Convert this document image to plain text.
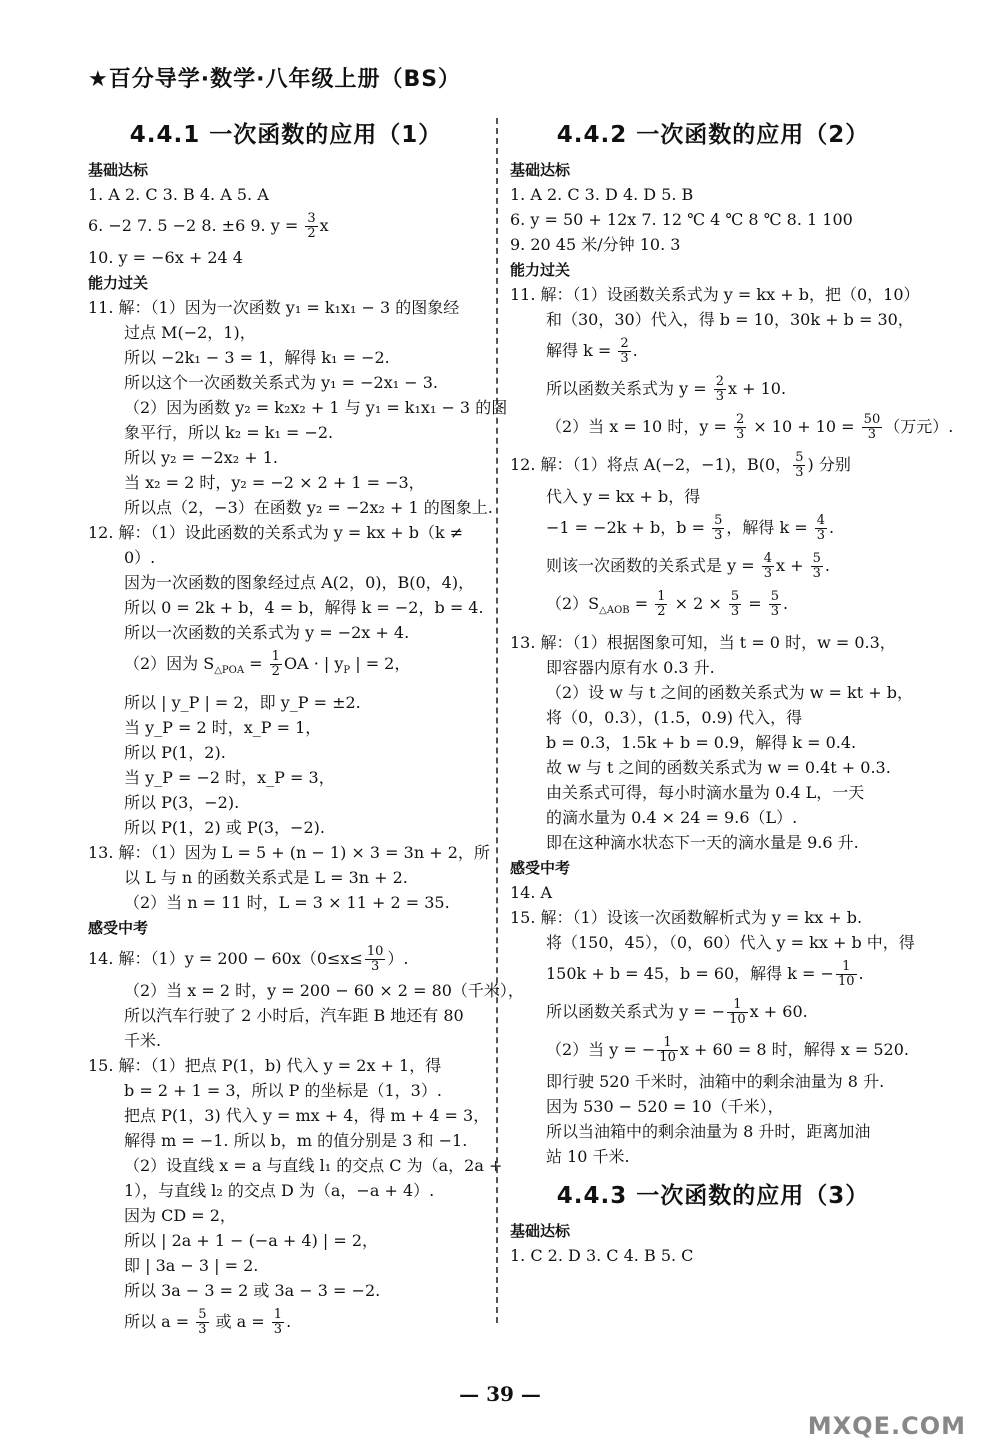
★百分导学·数学·八年级上册（BS）
4.4.1 一次函数的应用（1）
基础达标
1. A 2. C 3. B 4. A 5. A
6. −2 7. 5 −2 8. ±6 9. $y = \frac{3}{2}$ x
10. y = −6x + 24 4
能力过关
11. 解：（1）因为一次函数 y₁ = k₁x₁ − 3 的图象经
过点 M(−2，1)，
所以 −2k₁ − 3 = 1，解得 k₁ = −2.
所以这个一次函数关系式为 y₁ = −2x₁ − 3.
（2）因为函数 y₂ = k₂x₂ + 1 与 y₁ = k₁x₁ − 3 的图
象平行，所以 k₂ = k₁ = −2.
所以 y₂ = −2x₂ + 1.
当 x₂ = 2 时，y₂ = −2 × 2 + 1 = −3，
所以点（2，−3）在函数 y₂ = −2x₂ + 1 的图象上.
12. 解：（1）设此函数的关系式为 y = kx + b（k ≠
0）.
因为一次函数的图象经过点 A(2，0)，B(0，4)，
所以 0 = 2k + b，4 = b，解得 k = −2，b = 4.
所以一次函数的关系式为 y = −2x + 4.
（2）因为 $S_{\triangle POA} = \frac{1}{2}$ OA · | $y_P$ | = 2，
所以 | y_P | = 2，即 y_P = ±2.
当 y_P = 2 时，x_P = 1，
所以 P(1，2).
当 y_P = −2 时，x_P = 3，
所以 P(3，−2).
所以 P(1，2) 或 P(3，−2).
13. 解：（1）因为 L = 5 + (n − 1) × 3 = 3n + 2，所
以 L 与 n 的函数关系式是 L = 3n + 2.
（2）当 n = 11 时，L = 3 × 11 + 2 = 35.
感受中考
14. 解：$(1)y = 200 - 60x(0\le x\le \frac{10}{3}$ ）.
（2）当 x = 2 时，y = 200 − 60 × 2 = 80（千米），
所以汽车行驶了 2 小时后，汽车距 B 地还有 80
千米.
15. 解：（1）把点 P(1，b) 代入 y = 2x + 1，得
b = 2 + 1 = 3，所以 P 的坐标是（1，3）.
把点 P(1，3) 代入 y = mx + 4，得 m + 4 = 3，
解得 m = −1. 所以 b，m 的值分别是 3 和 −1.
（2）设直线 x = a 与直线 l₁ 的交点 C 为（a，2a +
1），与直线 l₂ 的交点 D 为（a，−a + 4）.
因为 CD = 2，
所以 | 2a + 1 − (−a + 4) | = 2，
即 | 3a − 3 | = 2.
所以 3a − 3 = 2 或 3a − 3 = −2.
所以 $a = \frac{5}{3}$ 或 $a = \frac{1}{3}$ .
4.4.2 一次函数的应用（2）
基础达标
1. A 2. C 3. D 4. D 5. B
6. y = 50 + 12x 7. 12 ℃ 4 ℃ 8 ℃ 8. 1 100
9. 20 45 米/分钟 10. 3
能力过关
11. 解：（1）设函数关系式为 y = kx + b，把（0，10）
和（30，30）代入，得 b = 10，30k + b = 30，
解得 $k = \frac{2}{3}$ .
所以函数关系式为 $y = \frac{2}{3}$ x + 10.
（2）当 x = 10 时，$y = \frac{2}{3} \times 10 + 10 = \frac{50}{3}$ （万元）.
12. 解：（1）将点 A(−2，−1)，B(0， $\frac{5}{3}$ ) 分别
代入 y = kx + b，得
−1 = −2k + b，$b = \frac{5}{3}$ ，解得 $k = \frac{4}{3}$ .
则该一次函数的关系式是 $y = \frac{4}{3}$ $x + \frac{5}{3}$ .
$(2)S_{\triangle AOB} = \frac{1}{2} \times 2 \times \frac{5}{3} = \frac{5}{3}$ .
13. 解：（1）根据图象可知，当 t = 0 时，w = 0.3，
即容器内原有水 0.3 升.
（2）设 w 与 t 之间的函数关系式为 w = kt + b，
将（0，0.3），(1.5，0.9) 代入，得
b = 0.3，1.5k + b = 0.9，解得 k = 0.4.
故 w 与 t 之间的函数关系式为 w = 0.4t + 0.3.
由关系式可得，每小时滴水量为 0.4 L，一天
的滴水量为 0.4 × 24 = 9.6（L）.
即在这种滴水状态下一天的滴水量是 9.6 升.
感受中考
14. A
15. 解：（1）设该一次函数解析式为 y = kx + b.
将（150，45），（0，60）代入 y = kx + b 中，得
150k + b = 45，b = 60，解得 k = − $\frac{1}{10}$ .
所以函数关系式为 y = − $\frac{1}{10}$ x + 60.
（2）当 y = − $\frac{1}{10}$ x + 60 = 8 时，解得 x = 520.
即行驶 520 千米时，油箱中的剩余油量为 8 升.
因为 530 − 520 = 10（千米），
所以当油箱中的剩余油量为 8 升时，距离加油
站 10 千米.
4.4.3 一次函数的应用（3）
基础达标
1. C 2. D 3. C 4. B 5. C
— 39 —
MXQE.COM
